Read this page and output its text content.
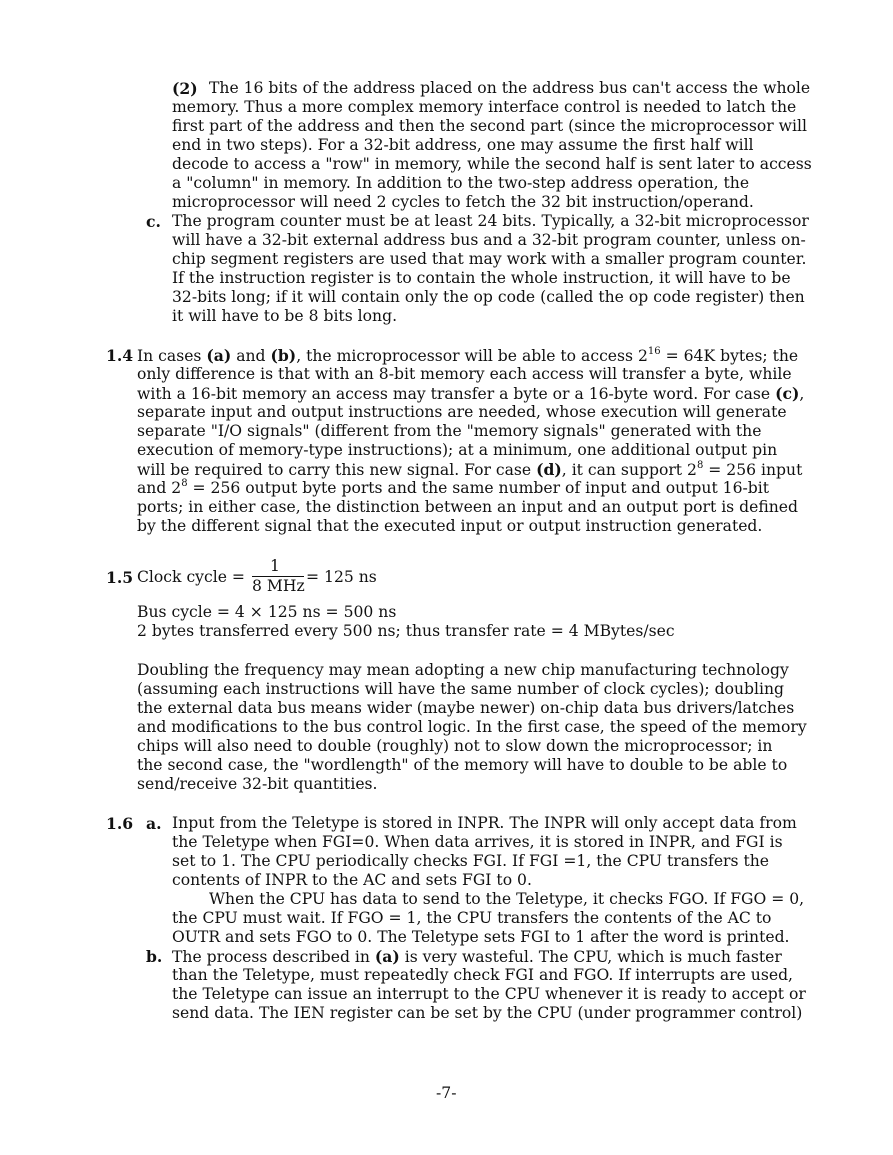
(2) The 16 bits of the address placed on the address bus can't access the whole
memory. Thus a more complex memory interface control is needed to latch the
first part of the address and then the second part (since the microprocessor will
end in two steps). For a 32-bit address, one may assume the first half will
decode to access a "row" in memory, while the second half is sent later to access
a "column" in memory. In addition to the two-step address operation, the
microprocessor will need 2 cycles to fetch the 32 bit instruction/operand.
c. The program counter must be at least 24 bits. Typically, a 32-bit microprocessor
will have a 32-bit external address bus and a 32-bit program counter, unless on-
chip segment registers are used that may work with a smaller program counter.
If the instruction register is to contain the whole instruction, it will have to be
32-bits long; if it will contain only the op code (called the op code register) then
it will have to be 8 bits long.
1.4 In cases (a) and (b), the microprocessor will be able to access $2^{16} = 64K$ bytes; the
only difference is that with an 8-bit memory each access will transfer a byte, while
with a 16-bit memory an access may transfer a byte or a 16-byte word. For case (c),
separate input and output instructions are needed, whose execution will generate
separate "I/O signals" (different from the "memory signals" generated with the
execution of memory-type instructions); at a minimum, one additional output pin
will be required to carry this new signal. For case (d), it can support $2^8 = 256$ input
and $2^8 = 256$ output byte ports and the same number of input and output 16-bit
ports; in either case, the distinction between an input and an output port is defined
by the different signal that the executed input or output instruction generated.
1.5 Clock cycle =
1
8 MHz = 125 ns
Bus cycle = 4 × 125 ns = 500 ns
2 bytes transferred every 500 ns; thus transfer rate = 4 MBytes/sec
Doubling the frequency may mean adopting a new chip manufacturing technology
(assuming each instructions will have the same number of clock cycles); doubling
the external data bus means wider (maybe newer) on-chip data bus drivers/latches
and modifications to the bus control logic. In the first case, the speed of the memory
chips will also need to double (roughly) not to slow down the microprocessor; in
the second case, the "wordlength" of the memory will have to double to be able to
send/receive 32-bit quantities.
1.6 a. Input from the Teletype is stored in INPR. The INPR will only accept data from
the Teletype when FGI=0. When data arrives, it is stored in INPR, and FGI is
set to 1. The CPU periodically checks FGI. If FGI =1, the CPU transfers the
contents of INPR to the AC and sets FGI to 0.
When the CPU has data to send to the Teletype, it checks FGO. If FGO = 0,
the CPU must wait. If FGO = 1, the CPU transfers the contents of the AC to
OUTR and sets FGO to 0. The Teletype sets FGI to 1 after the word is printed.
b. The process described in (a) is very wasteful. The CPU, which is much faster
than the Teletype, must repeatedly check FGI and FGO. If interrupts are used,
the Teletype can issue an interrupt to the CPU whenever it is ready to accept or
send data. The IEN register can be set by the CPU (under programmer control)
-7-
